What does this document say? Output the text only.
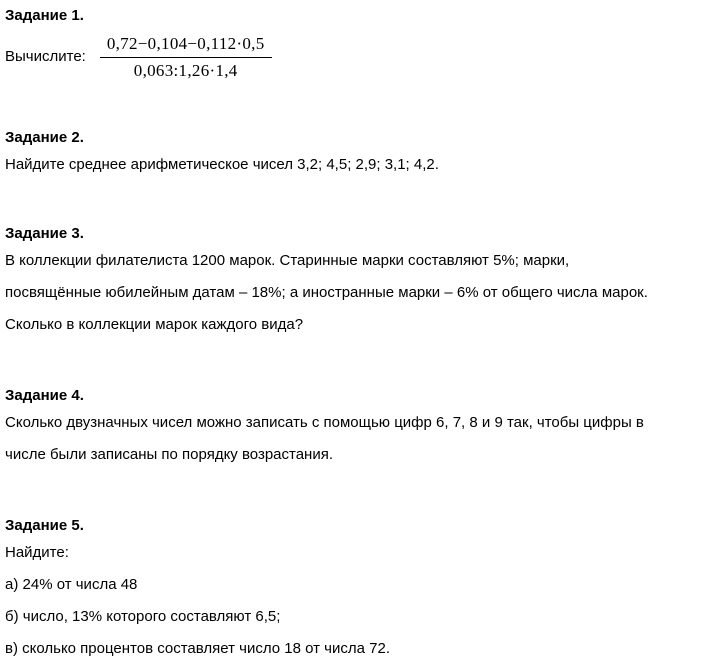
Задание 1.
Вычислите: $\frac{0,72-0,104-0,112\cdot 0,5}{0,063:1,26\cdot 1,4}$
Задание 2.

Найдите среднее арифметическое чисел 3,2; 4,5; 2,9; 3,1; 4,2.

Задание 3.

В коллекции филателиста 1200 марок. Старинные марки составляют 5%; марки,

посвящённые юбилейным датам – 18%; а иностранные марки – 6% от общего числа марок.

Сколько в коллекции марок каждого вида?

Задание 4.

Сколько двузначных чисел можно записать с помощью цифр 6, 7, 8 и 9 так, чтобы цифры в

числе были записаны по порядку возрастания.

Задание 5.

Найдите:

а) 24% от числа 48

б) число, 13% которого составляют 6,5;

в) сколько процентов составляет число 18 от числа 72.
